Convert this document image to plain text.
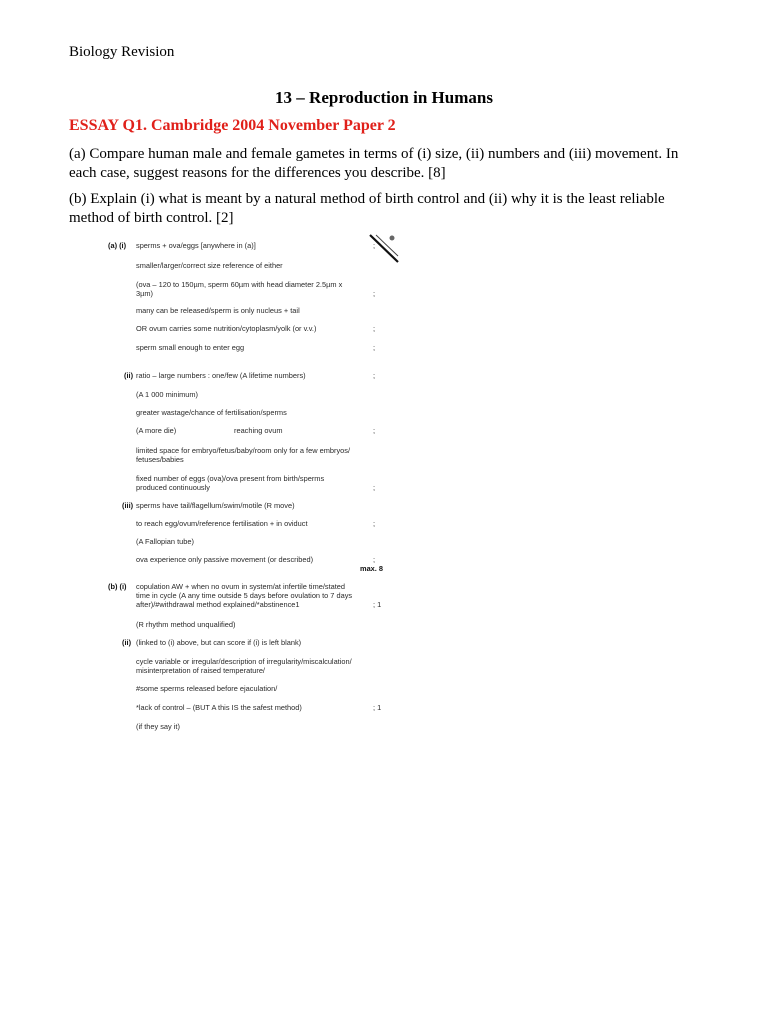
Biology Revision
13 – Reproduction in Humans
ESSAY Q1. Cambridge 2004 November Paper 2
(a) Compare human male and female gametes in terms of (i) size, (ii) numbers and (iii) movement. In each case, suggest reasons for the differences you describe. [8]
(b) Explain (i) what is meant by a natural method of birth control and (ii) why it is the least reliable method of birth control. [2]
(a) (i) sperms + ova/eggs [anywhere in (a)]	;
smaller/larger/correct size reference of either
(ova – 120 to 150µm, sperm 60µm with head diameter 2.5µm x
3µm)	;
many can be released/sperm is only nucleus + tail
OR ovum carries some nutrition/cytoplasm/yolk (or v.v.)	;
sperm small enough to enter egg	;
(ii) ratio – large numbers : one/few (A lifetime numbers)	;
(A 1 000 minimum)
greater wastage/chance of fertilisation/sperms
(A more die)	reaching ovum	;
limited space for embryo/fetus/baby/room only for a few embryos/
fetuses/babies
fixed number of eggs (ova)/ova present from birth/sperms
produced continuously	;
(iii) sperms have tail/flagellum/swim/motile (R move)
to reach egg/ovum/reference fertilisation + in oviduct	;
(A Fallopian tube)
ova experience only passive movement (or described)	;
max. 8
(b) (i) copulation AW + when no ovum in system/at infertile time/stated
time in cycle (A any time outside 5 days before ovulation to 7 days
after)/#withdrawal method explained/*abstinence1	; 1
(R rhythm method unqualified)
(ii) (linked to (i) above, but can score if (i) is left blank)
cycle variable or irregular/description of irregularity/miscalculation/
misinterpretation of raised temperature/
#some sperms released before ejaculation/
*lack of control – (BUT A this IS the safest method)	; 1
(if they say it)
